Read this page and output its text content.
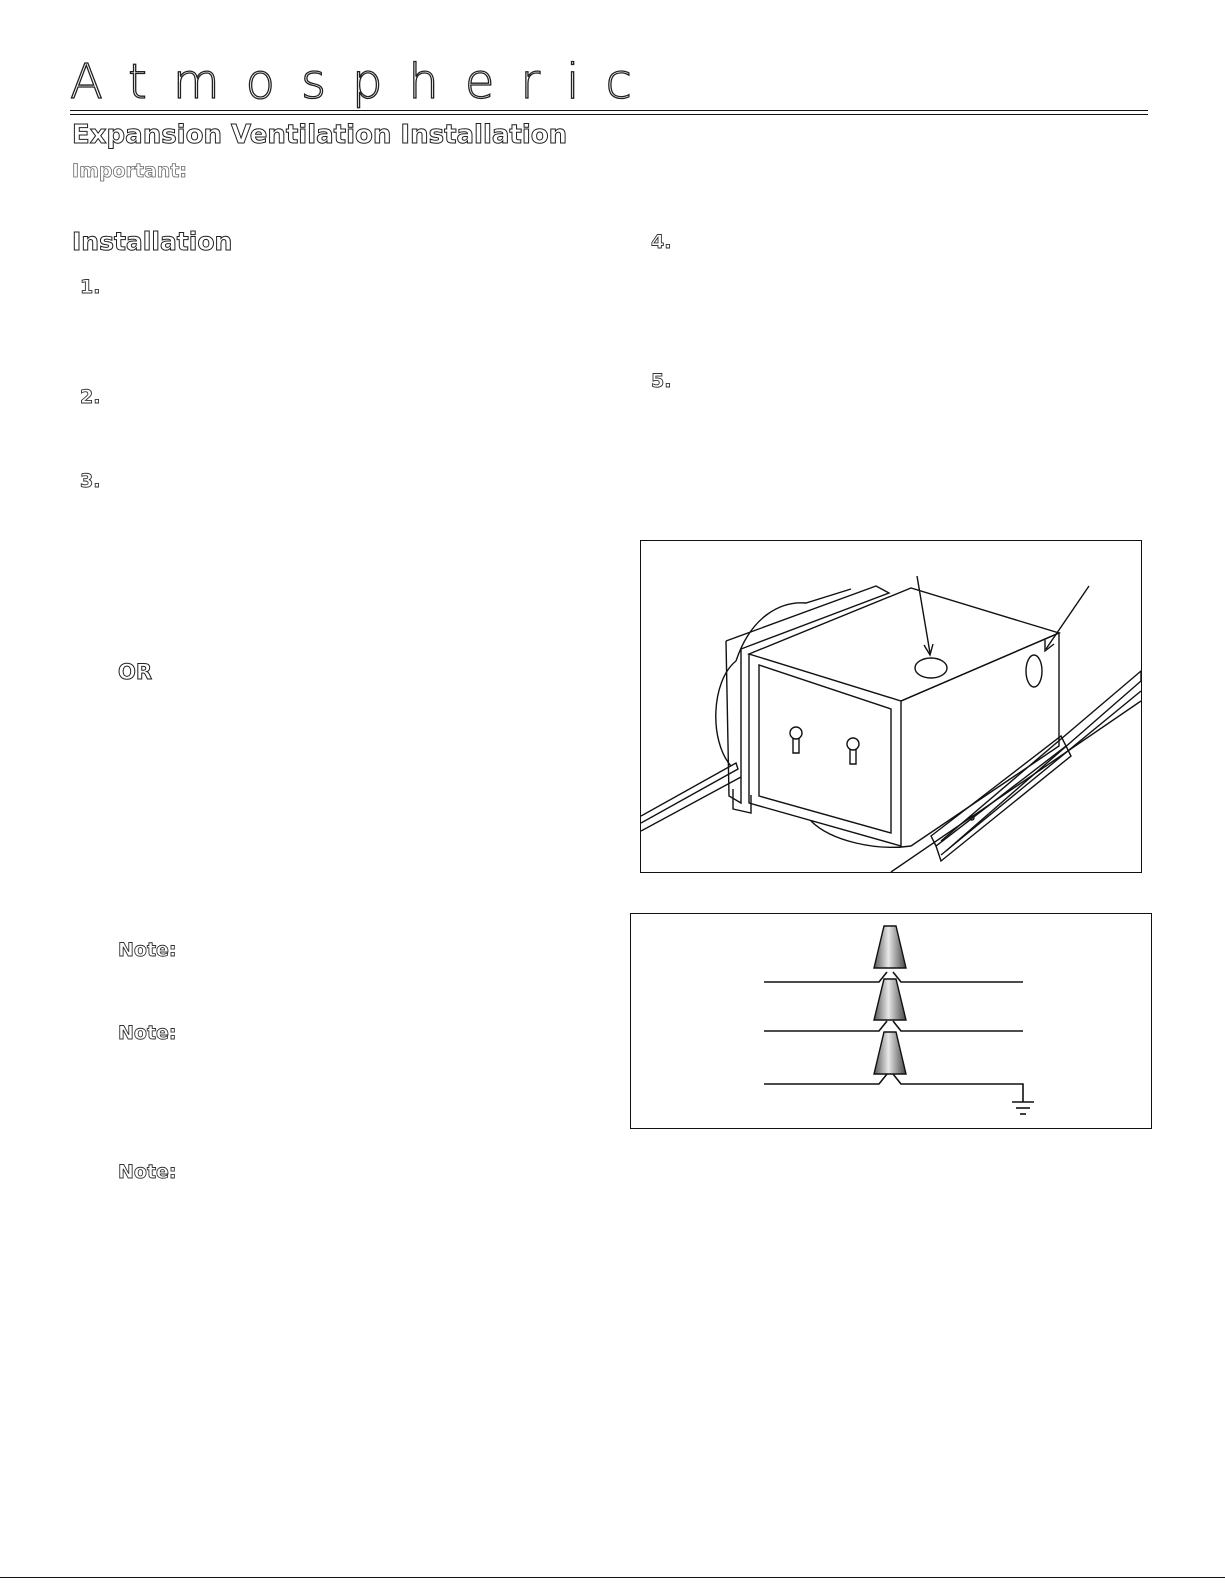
Atmospheric
Expansion Ventilation Installation
Important:
Installation
1.
2.
3.
4.
5.
OR
Note:
Note:
Note:
